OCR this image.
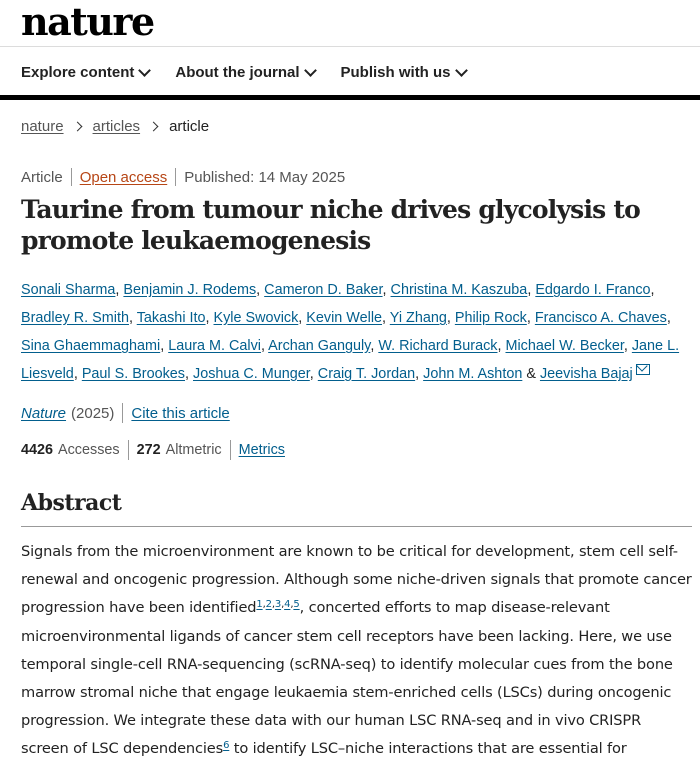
nature
Explore content	About the journal	Publish with us
nature articles article
Article Open access Published: 14 May 2025
Taurine from tumour niche drives glycolysis to promote leukaemogenesis
Sonali Sharma, Benjamin J. Rodems, Cameron D. Baker, Christina M. Kaszuba, Edgardo I. Franco, Bradley R. Smith, Takashi Ito, Kyle Swovick, Kevin Welle, Yi Zhang, Philip Rock, Francisco A. Chaves, Sina Ghaemmaghami, Laura M. Calvi, Archan Ganguly, W. Richard Burack, Michael W. Becker, Jane L. Liesveld, Paul S. Brookes, Joshua C. Munger, Craig T. Jordan, John M. Ashton & Jeevisha Bajaj
Nature (2025) Cite this article
4426 Accesses 272 Altmetric Metrics
Abstract
Signals from the microenvironment are known to be critical for development, stem cell self-renewal and oncogenic progression. Although some niche-driven signals that promote cancer progression have been identified$^{1,2,3,4,5}$, concerted efforts to map disease-relevant microenvironmental ligands of cancer stem cell receptors have been lacking. Here, we use temporal single-cell RNA-sequencing (scRNA-seq) to identify molecular cues from the bone marrow stromal niche that engage leukaemia stem-enriched cells (LSCs) during oncogenic progression. We integrate these data with our human LSC RNA-seq and in vivo CRISPR screen of LSC dependencies$^6$ to identify LSC–niche interactions that are essential for
